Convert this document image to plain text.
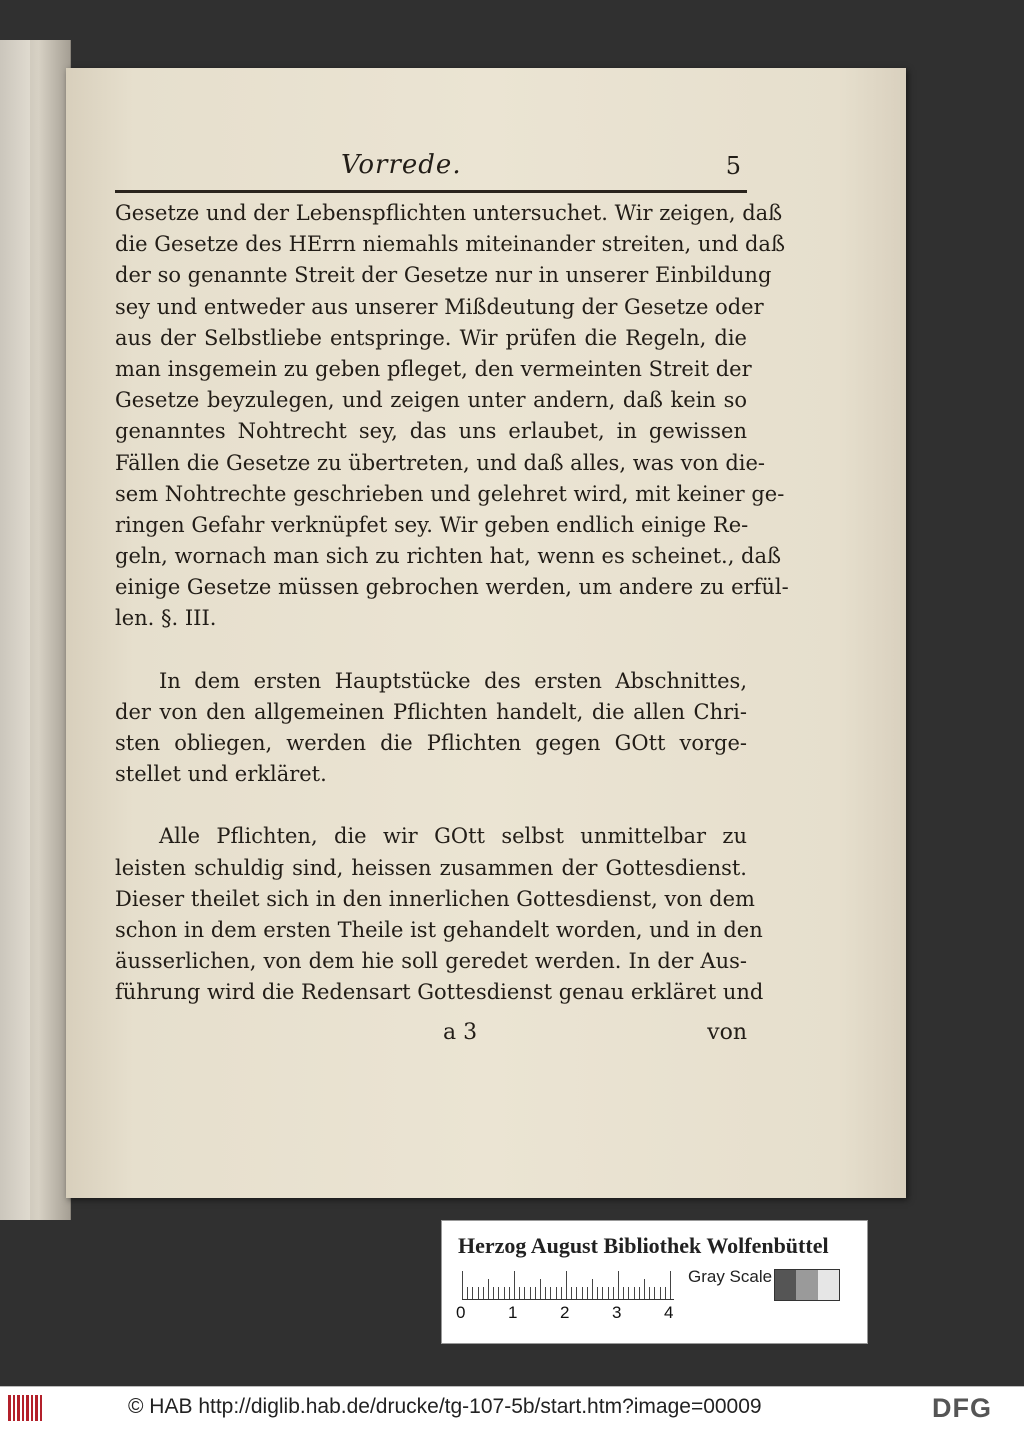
Vorrede.	5
Gesetze und der Lebenspflichten untersuchet. Wir zeigen, daß
die Gesetze des HErrn niemahls miteinander streiten, und daß
der so genannte Streit der Gesetze nur in unserer Einbildung
sey und entweder aus unserer Mißdeutung der Gesetze oder
aus der Selbstliebe entspringe. Wir prüfen die Regeln, die
man insgemein zu geben pfleget, den vermeinten Streit der
Gesetze beyzulegen, und zeigen unter andern, daß kein so
genanntes Nohtrecht sey, das uns erlaubet, in gewissen
Fällen die Gesetze zu übertreten, und daß alles, was von die-
sem Nohtrechte geschrieben und gelehret wird, mit keiner ge-
ringen Gefahr verknüpfet sey. Wir geben endlich einige Re-
geln, wornach man sich zu richten hat, wenn es scheinet., daß
einige Gesetze müssen gebrochen werden, um andere zu erfül-
len. §. III.
In dem ersten Hauptstücke des ersten Abschnittes,
der von den allgemeinen Pflichten handelt, die allen Chri-
sten obliegen, werden die Pflichten gegen GOtt vorge-
stellet und erkläret.
Alle Pflichten, die wir GOtt selbst unmittelbar zu
leisten schuldig sind, heissen zusammen der Gottesdienst.
Dieser theilet sich in den innerlichen Gottesdienst, von dem
schon in dem ersten Theile ist gehandelt worden, und in den
äusserlichen, von dem hie soll geredet werden. In der Aus-
führung wird die Redensart Gottesdienst genau erkläret und
a 3	von
Herzog August Bibliothek Wolfenbüttel
0	1	2	3	4
Gray Scale
© HAB http://diglib.hab.de/drucke/tg-107-5b/start.htm?image=00009	DFG
